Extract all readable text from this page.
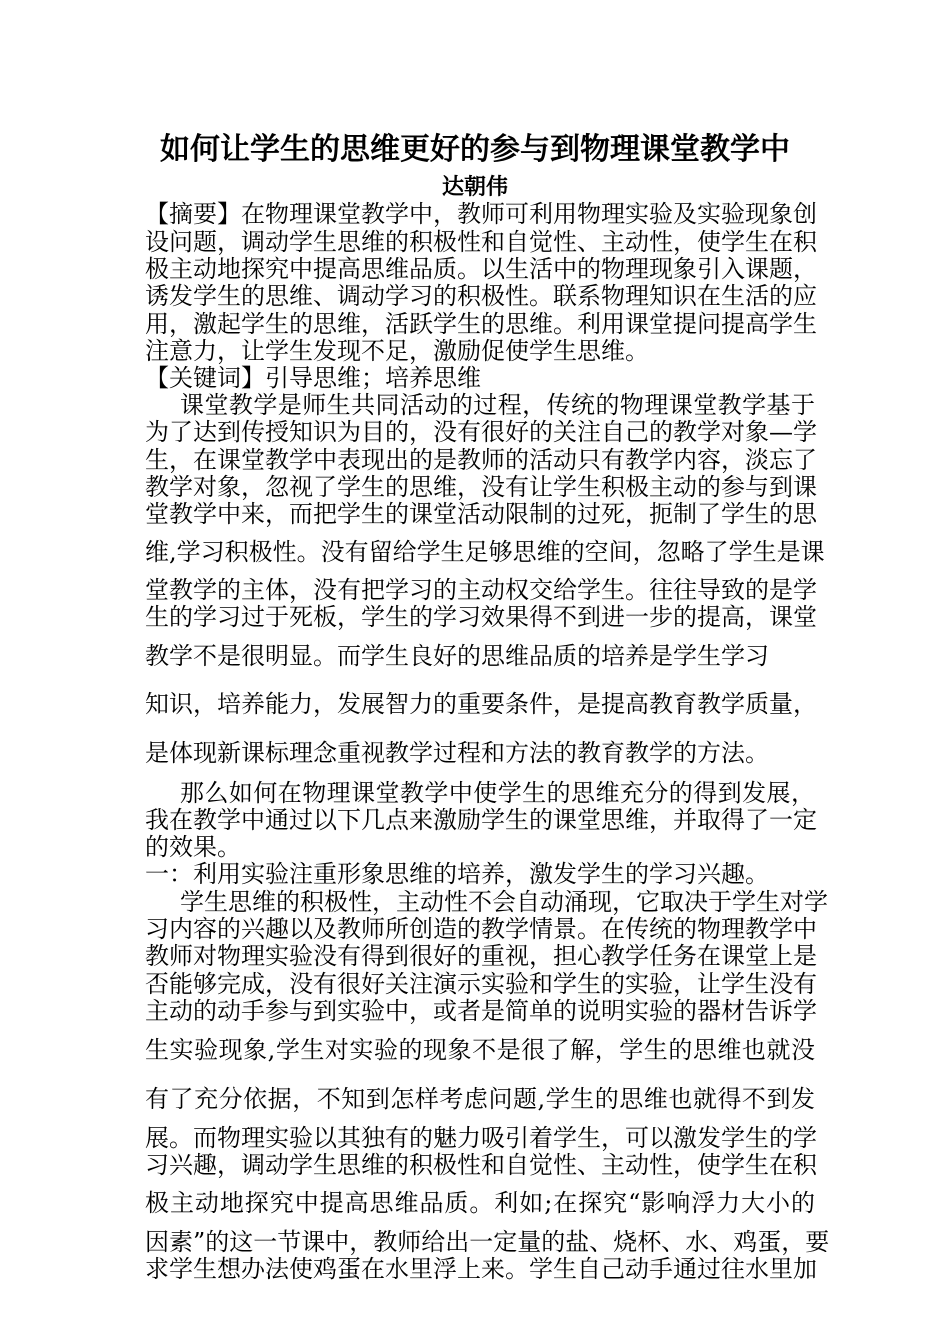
如何让学生的思维更好的参与到物理课堂教学中
达朝伟
【摘要】在物理课堂教学中，教师可利用物理实验及实验现象创
设问题，调动学生思维的积极性和自觉性、主动性，使学生在积
极主动地探究中提高思维品质。以生活中的物理现象引入课题，
诱发学生的思维、调动学习的积极性。联系物理知识在生活的应
用，激起学生的思维，活跃学生的思维。利用课堂提问提高学生
注意力，让学生发现不足，激励促使学生思维。
【关键词】引导思维；培养思维
课堂教学是师生共同活动的过程，传统的物理课堂教学基于
为了达到传授知识为目的，没有很好的关注自己的教学对象—学
生，在课堂教学中表现出的是教师的活动只有教学内容，淡忘了
教学对象，忽视了学生的思维，没有让学生积极主动的参与到课
堂教学中来，而把学生的课堂活动限制的过死，扼制了学生的思
维,学习积极性。没有留给学生足够思维的空间，忽略了学生是课
堂教学的主体，没有把学习的主动权交给学生。往往导致的是学
生的学习过于死板，学生的学习效果得不到进一步的提高，课堂
教学不是很明显。而学生良好的思维品质的培养是学生学习
知识，培养能力，发展智力的重要条件，是提高教育教学质量，
是体现新课标理念重视教学过程和方法的教育教学的方法。
那么如何在物理课堂教学中使学生的思维充分的得到发展，
我在教学中通过以下几点来激励学生的课堂思维，并取得了一定
的效果。
一：利用实验注重形象思维的培养，激发学生的学习兴趣。
学生思维的积极性，主动性不会自动涌现，它取决于学生对学
习内容的兴趣以及教师所创造的教学情景。在传统的物理教学中
教师对物理实验没有得到很好的重视，担心教学任务在课堂上是
否能够完成，没有很好关注演示实验和学生的实验，让学生没有
主动的动手参与到实验中，或者是简单的说明实验的器材告诉学
生实验现象,学生对实验的现象不是很了解，学生的思维也就没
有了充分依据，不知到怎样考虑问题,学生的思维也就得不到发
展。而物理实验以其独有的魅力吸引着学生，可以激发学生的学
习兴趣，调动学生思维的积极性和自觉性、主动性，使学生在积
极主动地探究中提高思维品质。利如;在探究“影响浮力大小的
因素”的这一节课中，教师给出一定量的盐、烧杯、水、鸡蛋，要
求学生想办法使鸡蛋在水里浮上来。学生自己动手通过往水里加
